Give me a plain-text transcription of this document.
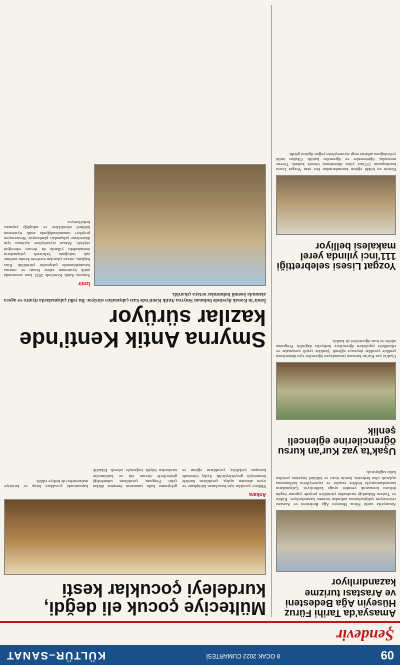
09
8 OCAK 2022 CUMARTESİ
KÜLTÜR–SANAT
Şendevir
Amasya'da Tarihi Füruz Hüseyin Ağa Bedesteni ve Arastası turizme kazandırılıyor

Amasya'da tarihi Füruz Hüseyin Ağa Bedesteni ve Arastası restorasyon çalışmalarının ardından turizme kazandırılıyor. Kültür ve Turizm Bakanlığı tarafından yürütülen projede yapının özgün dokusu korunarak yeniden ayağa kaldırılıyor. Çalışmaların tamamlanmasıyla birlikte esnafın ve ziyaretçilerin kullanımına açılacak olan bedesten, kentin ticari ve kültürel hayatına yeniden katkı sağlayacak.

Uşak'ta yaz Kur'an kursu öğrencilerine eğlenceli şenlik

Uşak'ta yaz Kur'an kursunu tamamlayan öğrenciler için düzenlenen şenlikte çocuklar doyasıya eğlendi. Şenlikte çeşitli yarışmalar ve etkinlikler yapılırken öğrencilere hediyeler dağıtıldı. Programa aileler ve kurs öğreticileri de katıldı.

Yozgat Lisesi selebrettiği 111'inci yılında yerel makalesi belliyor

Kentin en köklü eğitim kurumlarından biri olan Yozgat Lisesi kuruluşunun 111'inci yılını düzenlenen törenle kutladı. Törene mezunlar, öğretmenler ve öğrenciler katıldı. Okulun tarihi yolculuğunu anlatan sergi ziyaretçilerin yoğun ilgisini gördü.

Mülteciye çocuk eli değdi, kurdeleyi çocuklar kesti
Ankara

Mülteci çocuklar için hazırlanan kütüphane ve oyun alanının açılışı, çocukların kurdele kesmesiyle gerçekleştirildi. Açılış töreninde konuşan yetkililer, çocukların eğitim ve gelişimine katkı sunmanın önemine dikkat çekti. Program, çocukların sahnelediği gösterilerle devam etti ve katılımcılar tarafından büyük beğeniyle izlendi. Etkinlik kapsamında çocuklara kitap ve kırtasiye malzemeleri de hediye edildi.

Smyrna Antik Kenti'nde kazılar sürüyor

İzmir'in Konak ilçesinde bulunan Smyrna Antik Kenti'nde kazı çalışmaları sürüyor. Bu yılki çalışmalarda tiyatro ve agora alanında önemli buluntular ortaya çıkarıldı.

İzmir

Smyrna Antik Kenti'nde 2021 kazı sezonunda antik tiyatronun sahne binası ve oturma basamaklarında çalışmalar yürütüldü. Kazı başkanı, ortaya çıkarılan eserlerin kentin tarihine ışık tuttuğunu belirterek çalışmaların önümüzdeki yıllarda da devam edeceğini söyledi. Alanın ziyaretçilere açılması için düzenleme çalışmaları planlanıyor. Restorasyon projeleri tamamlandığında antik tiyatronun kültürel etkinliklere ev sahipliği yapması hedefleniyor.
